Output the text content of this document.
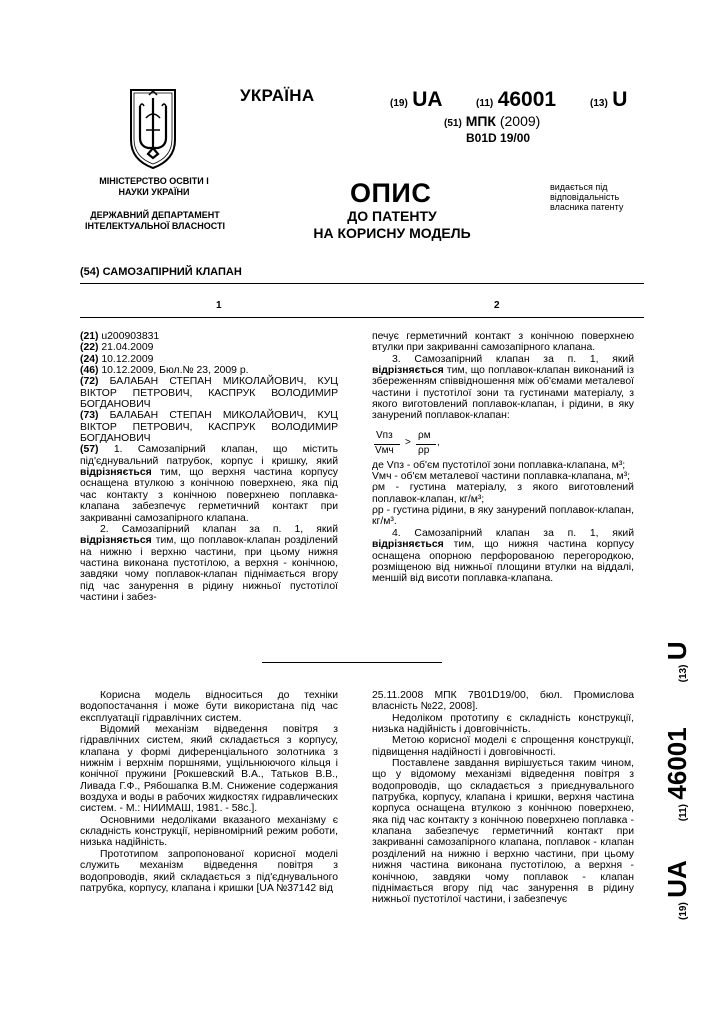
МІНІСТЕРСТВО ОСВІТИ І НАУКИ УКРАЇНИ
ДЕРЖАВНИЙ ДЕПАРТАМЕНТ ІНТЕЛЕКТУАЛЬНОЇ ВЛАСНОСТІ
УКРАЇНА	(19) UA	(11) 46001	(13) U
(51) МПК (2009)
B01D 19/00
ОПИС
ДО ПАТЕНТУ
НА КОРИСНУ МОДЕЛЬ
видається під відповідальність власника патенту
(54) САМОЗАПІРНИЙ КЛАПАН
1	2

(21) u200903831

(22) 21.04.2009

(24) 10.12.2009

(46) 10.12.2009, Бюл.№ 23, 2009 р.

(72) БАЛАБАН СТЕПАН МИКОЛАЙОВИЧ, КУЦ ВІКТОР ПЕТРОВИЧ, КАСПРУК ВОЛОДИМИР БОГДАНОВИЧ

(73) БАЛАБАН СТЕПАН МИКОЛАЙОВИЧ, КУЦ ВІКТОР ПЕТРОВИЧ, КАСПРУК ВОЛОДИМИР БОГДАНОВИЧ

(57) 1. Самозапірний клапан, що містить під'єднувальний патрубок, корпус і кришку, який відрізняється тим, що верхня частина корпусу оснащена втулкою з конічною поверхнею, яка під час контакту з конічною поверхнею поплавка-клапана забезпечує герметичний контакт при закриванні самозапірного клапана.

2. Самозапірний клапан за п. 1, який відрізняється тим, що поплавок-клапан розділений на нижню і верхню частини, при цьому нижня частина виконана пустотілою, а верхня - конічною, завдяки чому поплавок-клапан піднімається вгору під час занурення в рідину нижньої пустотілої частини і забез-

печує герметичний контакт з конічною поверхнею втулки при закриванні самозапірного клапана.

3. Самозапірний клапан за п. 1, який відрізняється тим, що поплавок-клапан виконаний із збереженням співвідношення між об'ємами металевої частини і пустотілої зони та густинами матеріалу, з якого виготовлений поплавок-клапан, і рідини, в яку занурений поплавок-клапан:

де Vпз - об'єм пустотілої зони поплавка-клапана, м³;

Vмч - об'єм металевої частини поплавка-клапана, м³;

ρм - густина матеріалу, з якого виготовлений поплавок-клапан, кг/м³;

ρр - густина рідини, в яку занурений поплавок-клапан, кг/м³.

4. Самозапірний клапан за п. 1, який відрізняється тим, що нижня частина корпусу оснащена опорною перфорованою перегородкою, розміщеною від нижньої площини втулки на віддалі, меншій від висоти поплавка-клапана.

Vпз
Vмч
>
ρм
ρр
,

Корисна модель відноситься до техніки водопостачання і може бути використана під час експлуатації гідравлічних систем.

Відомий механізм відведення повітря з гідравлічних систем, який складається з корпусу, клапана у формі диференціального золотника з нижнім і верхнім поршнями, ущільнюючого кільця і конічної пружини [Рокшевский В.А., Татьков В.В., Ливада Г.Ф., Рябошапка В.М. Снижение содержания воздуха и воды в рабочих жидкостях гидравлических систем. - М.: НИИМАШ, 1981. - 58с.].

Основними недоліками вказаного механізму є складність конструкції, нерівномірний режим роботи, низька надійність.

Прототипом запропонованої корисної моделі служить механізм відведення повітря з водопроводів, який складається з під'єднувального патрубка, корпусу, клапана і кришки [UA №37142 від

25.11.2008 МПК 7В01D19/00, бюл. Промислова власність №22, 2008].

Недоліком прототипу є складність конструкції, низька надійність і довговічність.

Метою корисної моделі є спрощення конструкції, підвищення надійності і довговічності.

Поставлене завдання вирішується таким чином, що у відомому механізмі відведення повітря з водопроводів, що складається з приєднувального патрубка, корпусу, клапана і кришки, верхня частина корпуса оснащена втулкою з конічною поверхнею, яка під час контакту з конічною поверхнею поплавка - клапана забезпечує герметичний контакт при закриванні самозапірного клапана, поплавок - клапан розділений на нижню і верхню частини, при цьому нижня частина виконана пустотілою, а верхня - конічною, завдяки чому поплавок - клапан піднімається вгору під час занурення в рідину нижньої пустотілої частини, і забезпечує

(19) UA  (11) 46001  (13) U
